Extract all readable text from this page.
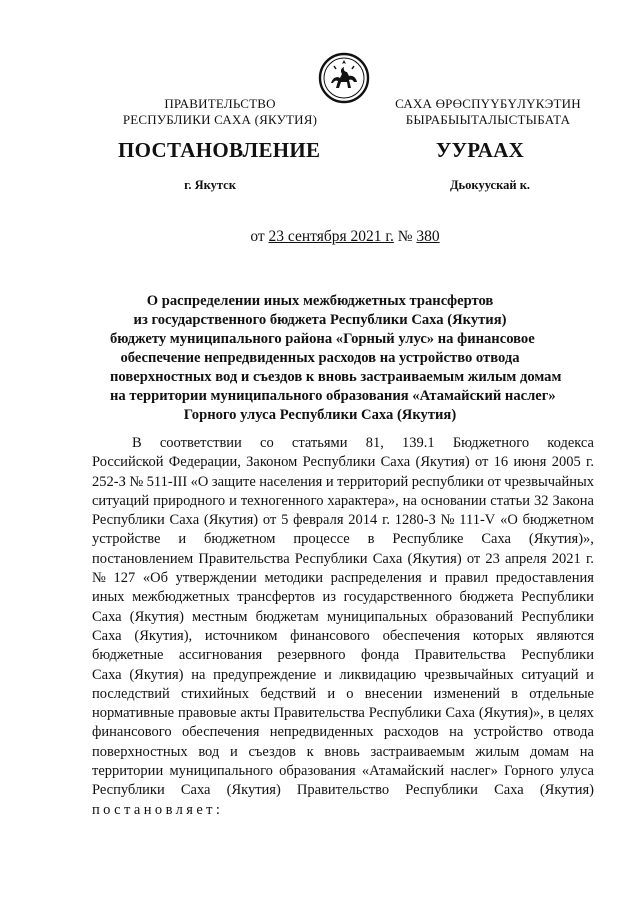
ПРАВИТЕЛЬСТВО
РЕСПУБЛИКИ САХА (ЯКУТИЯ)
САХА ӨРӨСПҮҮБҮЛҮКЭТИН
БЫРАБЫЫТАЛЫСТЫБАТА
ПОСТАНОВЛЕНИЕ	УУРААХ
г. Якутск	Дьокуускай к.
от 23 сентября 2021 г. № 380
О распределении иных межбюджетных трансфертов
из государственного бюджета Республики Саха (Якутия)
бюджету муниципального района «Горный улус» на финансовое
обеспечение непредвиденных расходов на устройство отвода
поверхностных вод и съездов к вновь застраиваемым жилым домам
на территории муниципального образования «Атамайский наслег»
Горного улуса Республики Саха (Якутия)
В соответствии со статьями 81, 139.1 Бюджетного кодекса
Российской Федерации, Законом Республики Саха (Якутия) от 16 июня 2005 г.
252-З № 511-III «О защите населения и территорий республики от чрезвычайных
ситуаций природного и техногенного характера», на основании статьи 32 Закона
Республики Саха (Якутия) от 5 февраля 2014 г. 1280-З № 111-V «О бюджетном
устройстве и бюджетном процессе в Республике Саха (Якутия)»,
постановлением Правительства Республики Саха (Якутия) от 23 апреля 2021 г.
№ 127 «Об утверждении методики распределения и правил предоставления
иных межбюджетных трансфертов из государственного бюджета Республики
Саха (Якутия) местным бюджетам муниципальных образований Республики
Саха (Якутия), источником финансового обеспечения которых являются
бюджетные ассигнования резервного фонда Правительства Республики
Саха (Якутия) на предупреждение и ликвидацию чрезвычайных ситуаций и
последствий стихийных бедствий и о внесении изменений в отдельные
нормативные правовые акты Правительства Республики Саха (Якутия)», в целях
финансового обеспечения непредвиденных расходов на устройство отвода
поверхностных вод и съездов к вновь застраиваемым жилым домам на
территории муниципального образования «Атамайский наслег» Горного улуса
Республики Саха (Якутия) Правительство Республики Саха (Якутия)
постановляет:
